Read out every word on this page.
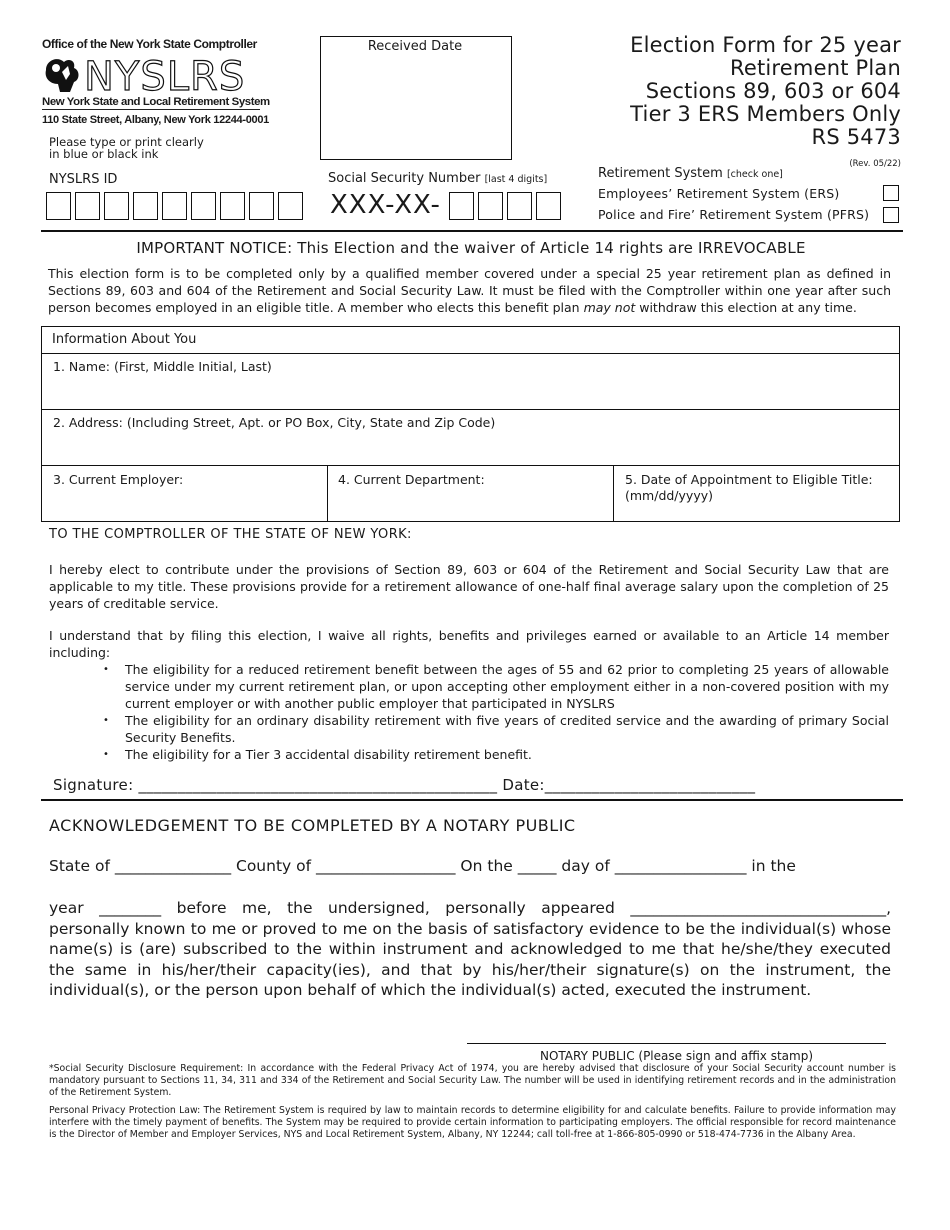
Office of the New York State Comptroller
NYSLRS
New York State and Local Retirement System
110 State Street, Albany, New York 12244-0001
Please type or print clearly
in blue or black ink
Received Date	Election Form for 25 year
Retirement Plan
Sections 89, 603 or 604
Tier 3 ERS Members Only
RS 5473
(Rev. 05/22)
NYSLRS ID	Social Security Number [last 4 digits]
XXX-XX-
Retirement System [check one]
Employees’ Retirement System (ERS)
Police and Fire’ Retirement System (PFRS)
IMPORTANT NOTICE: This Election and the waiver of Article 14 rights are IRREVOCABLE
This election form is to be completed only by a qualified member covered under a special 25 year retirement plan as defined in Sections 89, 603 and 604 of the Retirement and Social Security Law. It must be filed with the Comptroller within one year after such person becomes employed in an eligible title. A member who elects this benefit plan may not withdraw this election at any time.
Information About You
1. Name: (First, Middle Initial, Last)
2. Address: (Including Street, Apt. or PO Box, City, State and Zip Code)
3. Current Employer:	4. Current Department:	5. Date of Appointment to Eligible Title:
(mm/dd/yyyy)
TO THE COMPTROLLER OF THE STATE OF NEW YORK:
I hereby elect to contribute under the provisions of Section 89, 603 or 604 of the Retirement and Social Security Law that are applicable to my title. These provisions provide for a retirement allowance of one-half final average salary upon the completion of 25 years of creditable service.
I understand that by filing this election, I waive all rights, benefits and privileges earned or available to an Article 14 member including:
• The eligibility for a reduced retirement benefit between the ages of 55 and 62 prior to completing 25 years of allowable service under my current retirement plan, or upon accepting other employment either in a non-covered position with my current employer or with another public employer that participated in NYSLRS
• The eligibility for an ordinary disability retirement with five years of credited service and the awarding of primary Social Security Benefits.
• The eligibility for a Tier 3 accidental disability retirement benefit.
Signature: ______________________________________________ Date:___________________________
ACKNOWLEDGEMENT TO BE COMPLETED BY A NOTARY PUBLIC
State of _______________ County of __________________ On the _____ day of _________________ in the
year ________ before me, the undersigned, personally appeared _________________________________, personally known to me or proved to me on the basis of satisfactory evidence to be the individual(s) whose name(s) is (are) subscribed to the within instrument and acknowledged to me that he/she/they executed the same in his/her/their capacity(ies), and that by his/her/their signature(s) on the instrument, the individual(s), or the person upon behalf of which the individual(s) acted, executed the instrument.
NOTARY PUBLIC (Please sign and affix stamp)
*Social Security Disclosure Requirement: In accordance with the Federal Privacy Act of 1974, you are hereby advised that disclosure of your Social Security account number is mandatory pursuant to Sections 11, 34, 311 and 334 of the Retirement and Social Security Law. The number will be used in identifying retirement records and in the administration of the Retirement System.
Personal Privacy Protection Law: The Retirement System is required by law to maintain records to determine eligibility for and calculate benefits. Failure to provide information may interfere with the timely payment of benefits. The System may be required to provide certain information to participating employers. The official responsible for record maintenance is the Director of Member and Employer Services, NYS and Local Retirement System, Albany, NY 12244; call toll-free at 1-866-805-0990 or 518-474-7736 in the Albany Area.
